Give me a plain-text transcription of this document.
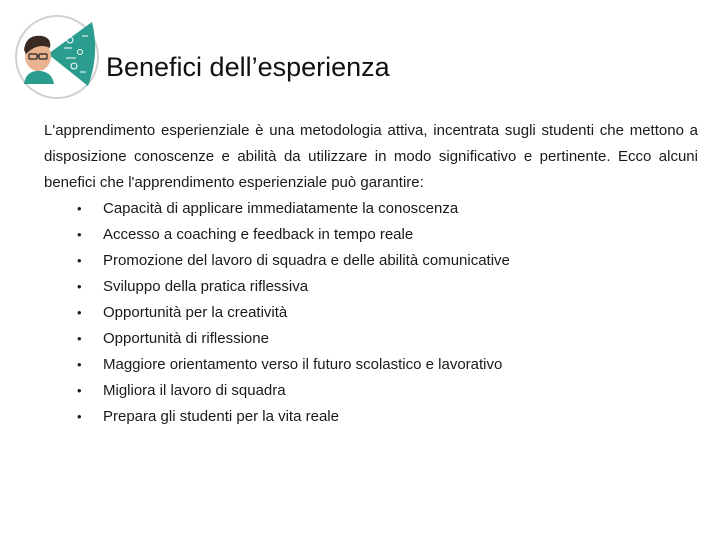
Benefici dell’esperienza

L'apprendimento esperienziale è una metodologia attiva, incentrata sugli studenti che mettono a disposizione conoscenze e abilità da utilizzare in modo significativo e pertinente. Ecco alcuni benefici che l'apprendimento esperienziale può garantire:

• Capacità di applicare immediatamente la conoscenza
• Accesso a coaching e feedback in tempo reale
• Promozione del lavoro di squadra e delle abilità comunicative
• Sviluppo della pratica riflessiva
• Opportunità per la creatività
• Opportunità di riflessione
• Maggiore orientamento verso il futuro scolastico e lavorativo
• Migliora il lavoro di squadra
• Prepara gli studenti per la vita reale
